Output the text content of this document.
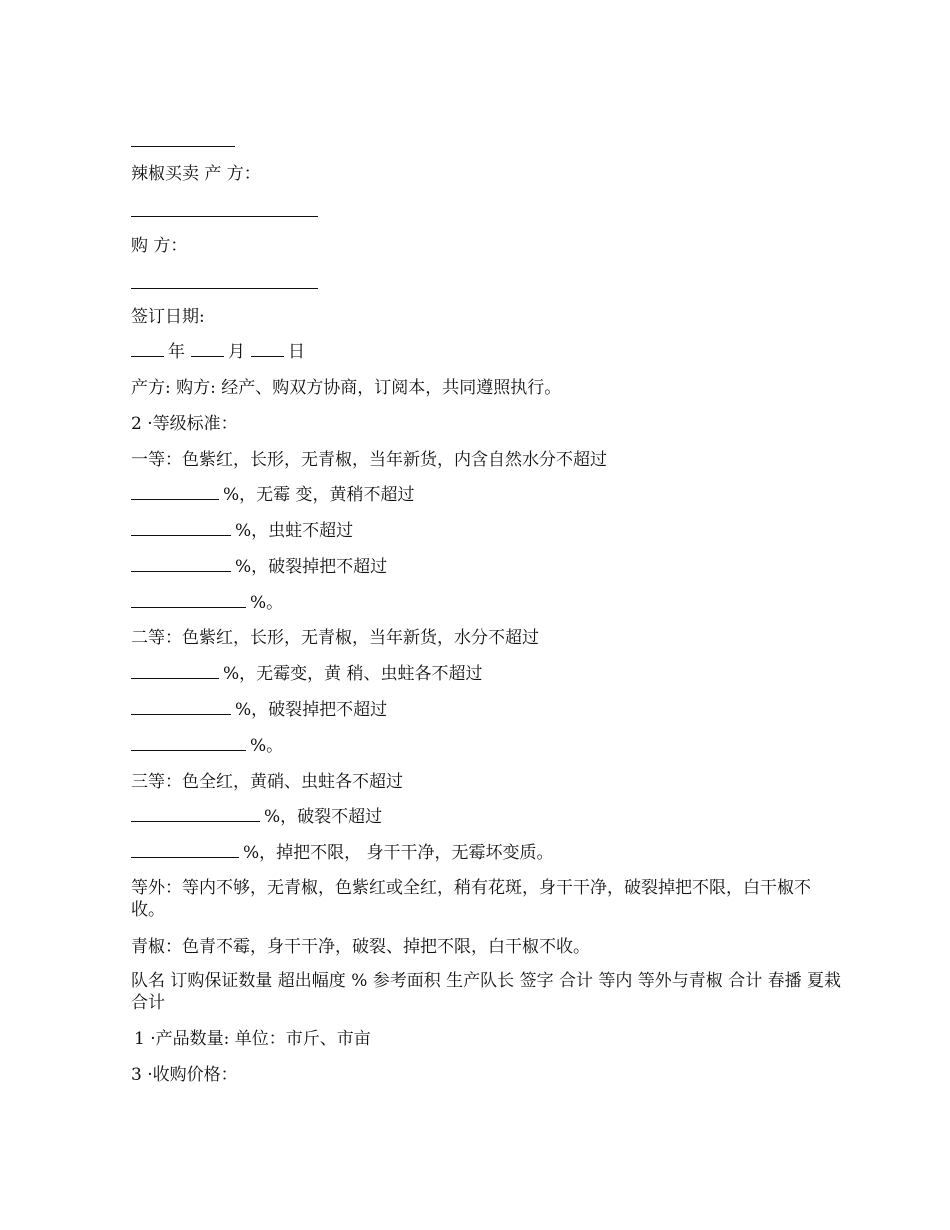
辣椒买卖 产 方：
购 方：
签订日期:
年	月	日
产方: 购方: 经产、购双方协商，订阅本，共同遵照执行。
2 ·等级标准：
一等：色紫红，长形，无青椒，当年新货，内含自然水分不超过
%，无霉 变，黄稍不超过
%，虫蛀不超过
%，破裂掉把不超过
%。
二等：色紫红，长形，无青椒，当年新货，水分不超过
%，无霉变，黄 稍、虫蛀各不超过
%，破裂掉把不超过
%。
三等：色全红，黄硝、虫蛀各不超过
%，破裂不超过
%，掉把不限， 身干干净，无霉坏变质。
等外：等内不够，无青椒，色紫红或全红，稍有花斑，身干干净，破裂掉把不限，白干椒不收。
青椒：色青不霉，身干干净，破裂、掉把不限，白干椒不收。
队名 订购保证数量 超出幅度 % 参考面积 生产队长 签字 合计 等内 等外与青椒 合计 春播 夏栽 合计
1 ·产品数量: 单位：市斤、市亩
3 ·收购价格：
